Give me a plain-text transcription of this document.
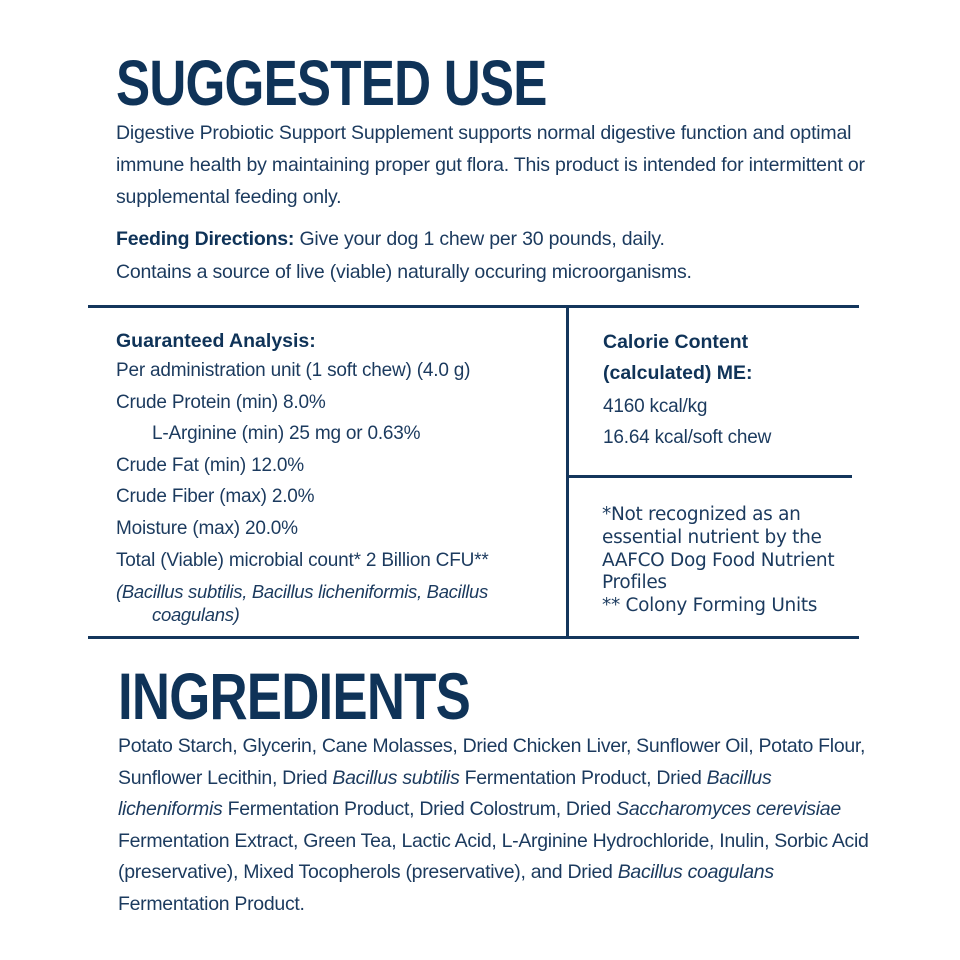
SUGGESTED USE

Digestive Probiotic Support Supplement supports normal digestive function and optimal immune health by maintaining proper gut flora. This product is intended for intermittent or supplemental feeding only.

Feeding Directions: Give your dog 1 chew per 30 pounds, daily.

Contains a source of live (viable) naturally occuring microorganisms.

Guaranteed Analysis:
Per administration unit (1 soft chew) (4.0 g)
Crude Protein (min) 8.0%
L-Arginine (min) 25 mg or 0.63%
Crude Fat (min) 12.0%
Crude Fiber (max) 2.0%
Moisture (max) 20.0%
Total (Viable) microbial count* 2 Billion CFU**
(Bacillus subtilis, Bacillus licheniformis, Bacillus
coagulans)
Calorie Content (calculated) ME:
4160 kcal/kg
16.64 kcal/soft chew
*Not recognized as an essential nutrient by the AAFCO Dog Food Nutrient Profiles
** Colony Forming Units
INGREDIENTS

Potato Starch, Glycerin, Cane Molasses, Dried Chicken Liver, Sunflower Oil, Potato Flour, Sunflower Lecithin, Dried Bacillus subtilis Fermentation Product, Dried Bacillus licheniformis Fermentation Product, Dried Colostrum, Dried Saccharomyces cerevisiae Fermentation Extract, Green Tea, Lactic Acid, L-Arginine Hydrochloride, Inulin, Sorbic Acid (preservative), Mixed Tocopherols (preservative), and Dried Bacillus coagulans Fermentation Product.
